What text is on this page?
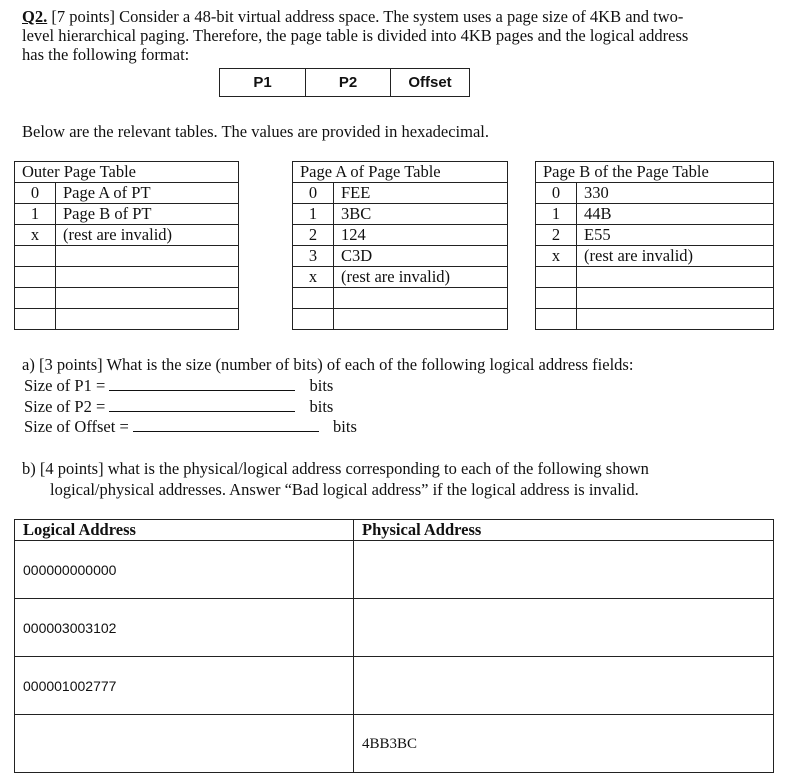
Q2. [7 points] Consider a 48-bit virtual address space. The system uses a page size of 4KB and two-
level hierarchical paging. Therefore, the page table is divided into 4KB pages and the logical address
has the following format:
P1	P2	Offset
Below are the relevant tables. The values are provided in hexadecimal.
Outer Page Table	
0	Page A of PT
1	Page B of PT
x	(rest are invalid)

Page A of Page Table	
0	FEE
1	3BC
2	124
3	C3D
x	(rest are invalid)

Page B of the Page Table	
0	330
1	44B
2	E55
x	(rest are invalid)

a) [3 points] What is the size (number of bits) of each of the following logical address fields:
Size of P1 =	bits
Size of P2 =	bits
Size of Offset =	bits
b) [4 points] what is the physical/logical address corresponding to each of the following shown
logical/physical addresses. Answer “Bad logical address” if the logical address is invalid.
Logical Address	Physical Address
000000000000	
000003003102	
000001002777	
	4BB3BC
